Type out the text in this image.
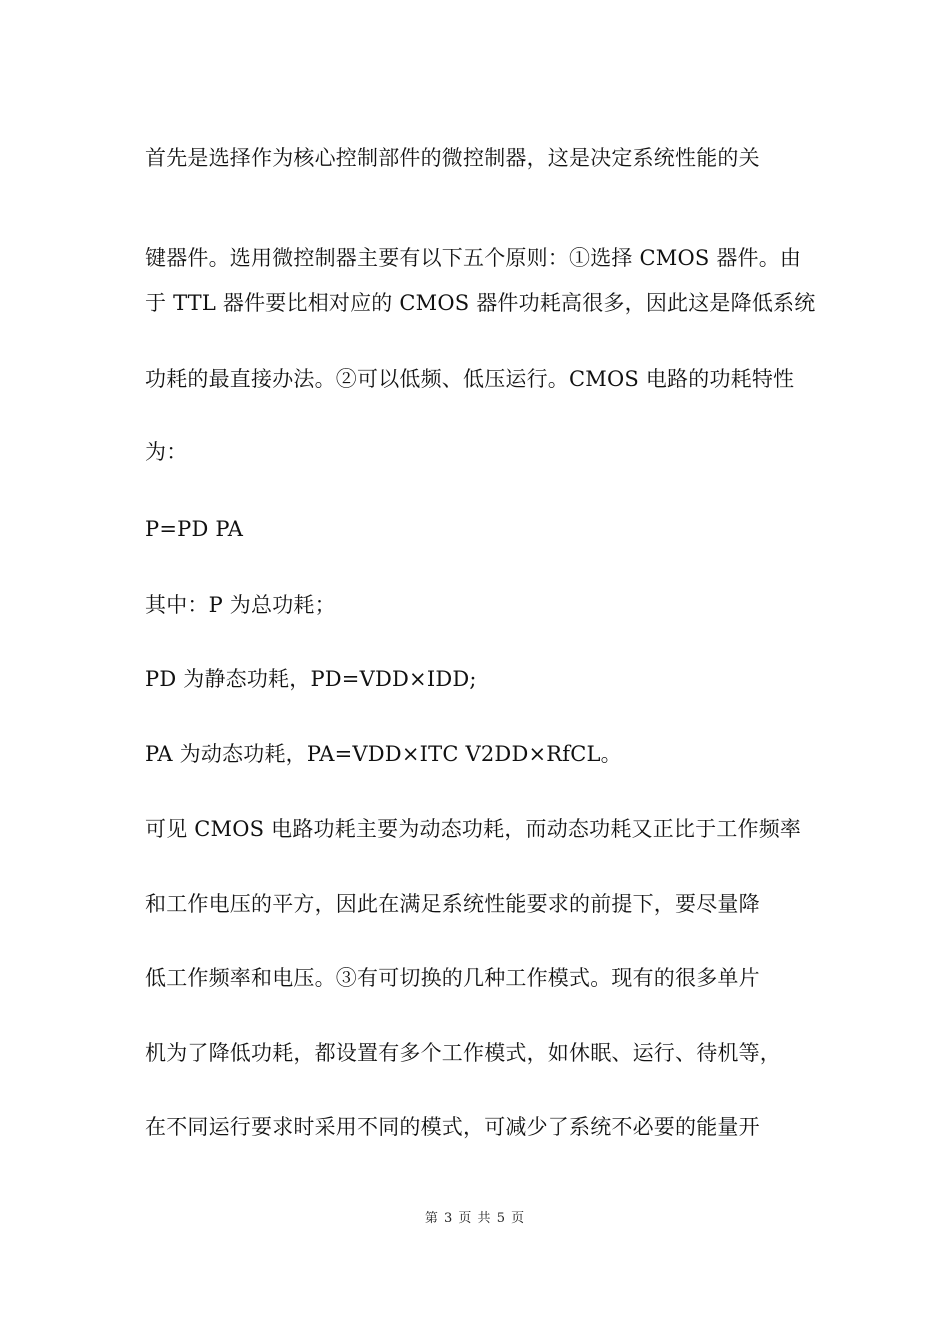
首先是选择作为核心控制部件的微控制器，这是决定系统性能的关

键器件。选用微控制器主要有以下五个原则：①选择 CMOS 器件。由

于 TTL 器件要比相对应的 CMOS 器件功耗高很多，因此这是降低系统

功耗的最直接办法。②可以低频、低压运行。CMOS 电路的功耗特性

为：

P=PD PA

其中：P 为总功耗；

PD 为静态功耗，PD=VDD×IDD;

PA 为动态功耗，PA=VDD×ITC V2DD×RfCL。

可见 CMOS 电路功耗主要为动态功耗，而动态功耗又正比于工作频率

和工作电压的平方，因此在满足系统性能要求的前提下，要尽量降

低工作频率和电压。③有可切换的几种工作模式。现有的很多单片

机为了降低功耗，都设置有多个工作模式，如休眠、运行、待机等，

在不同运行要求时采用不同的模式，可减少了系统不必要的能量开

第 3 页 共 5 页
